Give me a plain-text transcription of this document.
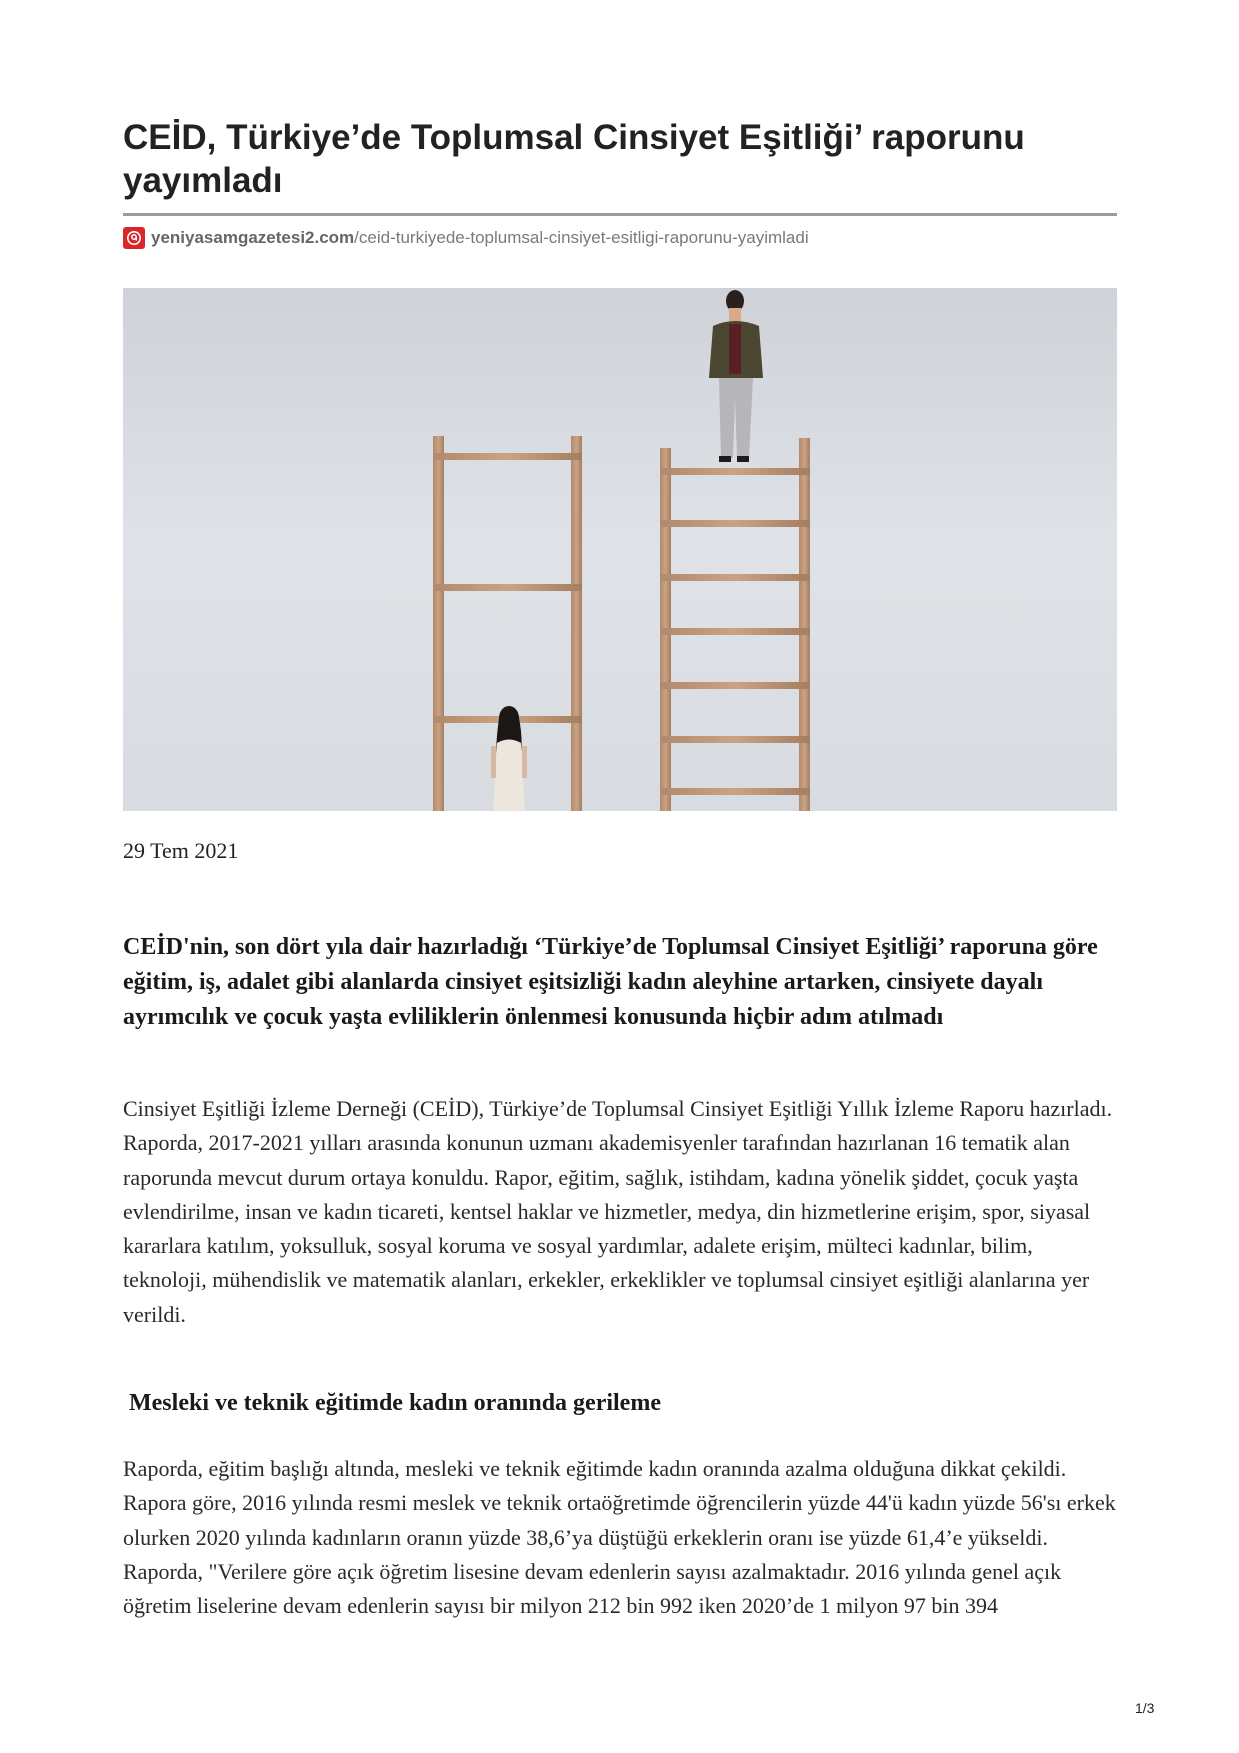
CEİD, Türkiye’de Toplumsal Cinsiyet Eşitliği’ raporunu yayımladı
yeniyasamgazetesi2.com/ceid-turkiyede-toplumsal-cinsiyet-esitligi-raporunu-yayimladi
29 Tem 2021

CEİD'nin, son dört yıla dair hazırladığı ‘Türkiye’de Toplumsal Cinsiyet Eşitliği’ raporuna göre eğitim, iş, adalet gibi alanlarda cinsiyet eşitsizliği kadın aleyhine artarken, cinsiyete dayalı ayrımcılık ve çocuk yaşta evliliklerin önlenmesi konusunda hiçbir adım atılmadı

Cinsiyet Eşitliği İzleme Derneği (CEİD), Türkiye’de Toplumsal Cinsiyet Eşitliği Yıllık İzleme Raporu hazırladı. Raporda, 2017-2021 yılları arasında konunun uzmanı akademisyenler tarafından hazırlanan 16 tematik alan raporunda mevcut durum ortaya konuldu. Rapor, eğitim, sağlık, istihdam, kadına yönelik şiddet, çocuk yaşta evlendirilme, insan ve kadın ticareti, kentsel haklar ve hizmetler, medya, din hizmetlerine erişim, spor, siyasal kararlara katılım, yoksulluk, sosyal koruma ve sosyal yardımlar, adalete erişim, mülteci kadınlar, bilim, teknoloji, mühendislik ve matematik alanları, erkekler, erkeklikler ve toplumsal cinsiyet eşitliği alanlarına yer verildi.

Mesleki ve teknik eğitimde kadın oranında gerileme

Raporda, eğitim başlığı altında, mesleki ve teknik eğitimde kadın oranında azalma olduğuna dikkat çekildi. Rapora göre, 2016 yılında resmi meslek ve teknik ortaöğretimde öğrencilerin yüzde 44'ü kadın yüzde 56'sı erkek olurken 2020 yılında kadınların oranın yüzde 38,6’ya düştüğü erkeklerin oranı ise yüzde 61,4’e yükseldi. Raporda, "Verilere göre açık öğretim lisesine devam edenlerin sayısı azalmaktadır. 2016 yılında genel açık öğretim liselerine devam edenlerin sayısı bir milyon 212 bin 992 iken 2020’de 1 milyon 97 bin 394

1/3
